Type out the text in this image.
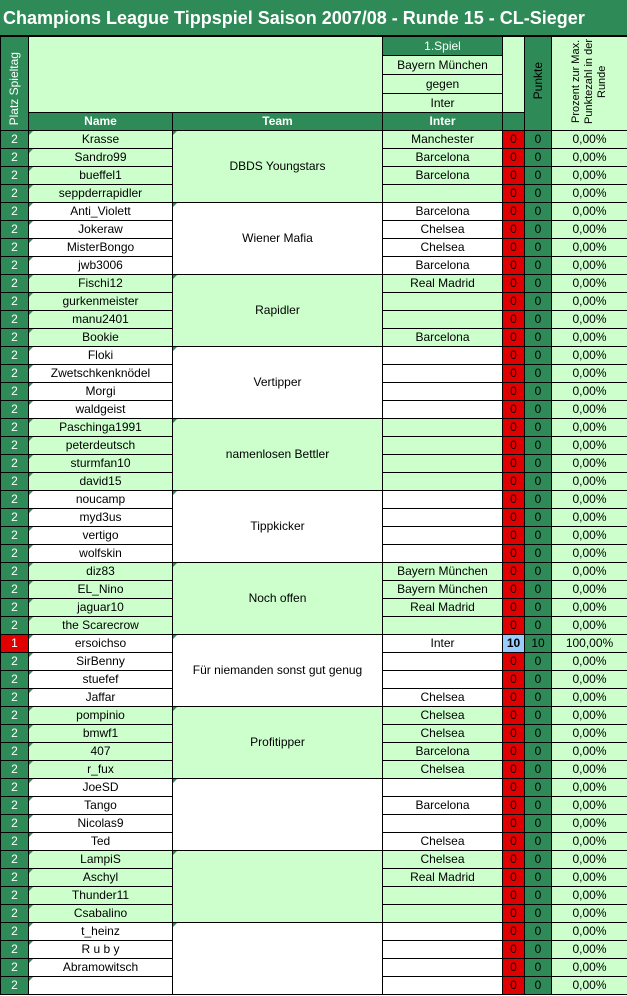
Champions League Tippspiel Saison 2007/08 - Runde 15 - CL-Sieger
Platz Spieltag			1.Spiel		Punkte	Prozent zur Max. Punktezahl in der Runde
			Bayern München			
			gegen			
			Inter			
	Name	Team	Inter			
2	Krasse	DBDS Youngstars	Manchester	0	0	0,00%
2	Sandro99		Barcelona	0	0	0,00%
2	bueffel1		Barcelona	0	0	0,00%
2	seppderrapidler			0	0	0,00%
2	Anti_Violett	Wiener Mafia	Barcelona	0	0	0,00%
2	Jokeraw		Chelsea	0	0	0,00%
2	MisterBongo		Chelsea	0	0	0,00%
2	jwb3006		Barcelona	0	0	0,00%
2	Fischi12	Rapidler	Real Madrid	0	0	0,00%
2	gurkenmeister			0	0	0,00%
2	manu2401			0	0	0,00%
2	Bookie		Barcelona	0	0	0,00%
2	Floki	Vertipper		0	0	0,00%
2	Zwetschkenknödel			0	0	0,00%
2	Morgi			0	0	0,00%
2	waldgeist			0	0	0,00%
2	Paschinga1991	namenlosen Bettler		0	0	0,00%
2	peterdeutsch			0	0	0,00%
2	sturmfan10			0	0	0,00%
2	david15			0	0	0,00%
2	noucamp	Tippkicker		0	0	0,00%
2	myd3us			0	0	0,00%
2	vertigo			0	0	0,00%
2	wolfskin			0	0	0,00%
2	diz83	Noch offen	Bayern München	0	0	0,00%
2	EL_Nino		Bayern München	0	0	0,00%
2	jaguar10		Real Madrid	0	0	0,00%
2	the Scarecrow			0	0	0,00%
1	ersoichso	Für niemanden sonst gut genug	Inter	10	10	100,00%
2	SirBenny			0	0	0,00%
2	stuefef			0	0	0,00%
2	Jaffar		Chelsea	0	0	0,00%
2	pompinio	Profitipper	Chelsea	0	0	0,00%
2	bmwf1		Chelsea	0	0	0,00%
2	407		Barcelona	0	0	0,00%
2	r_fux		Chelsea	0	0	0,00%
2	JoeSD			0	0	0,00%
2	Tango		Barcelona	0	0	0,00%
2	Nicolas9			0	0	0,00%
2	Ted		Chelsea	0	0	0,00%
2	LampiS		Chelsea	0	0	0,00%
2	Aschyl		Real Madrid	0	0	0,00%
2	Thunder11			0	0	0,00%
2	Csabalino			0	0	0,00%
2	t_heinz			0	0	0,00%
2	R u b y			0	0	0,00%
2	Abramowitsch			0	0	0,00%
2				0	0	0,00%
